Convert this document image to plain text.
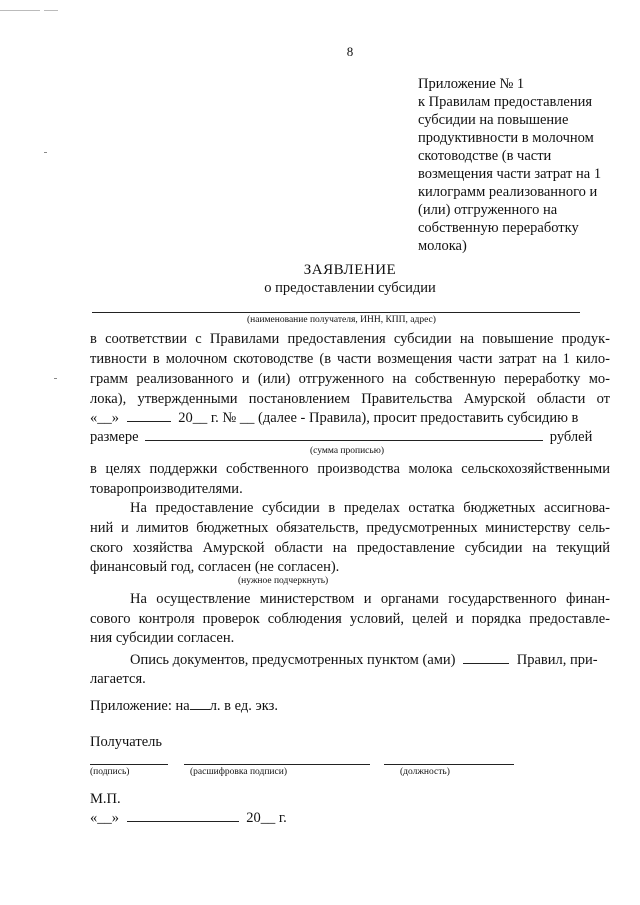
8
Приложение № 1
к Правилам предоставления
субсидии на повышение
продуктивности в молочном
скотоводстве (в части
возмещения части затрат на 1
килограмм реализованного и
(или) отгруженного на
собственную переработку
молока)
ЗАЯВЛЕНИЕ
о предоставлении субсидии
(наименование получателя, ИНН, КПП, адрес)
в соответствии с Правилами предоставления субсидии на повышение продук-
тивности в молочном скотоводстве (в части возмещения части затрат на 1 кило-
грамм реализованного и (или) отгруженного на собственную переработку мо-
лока), утвержденными постановлением Правительства Амурской области от
«__»	20__ г. № __ (далее - Правила), просит предоставить субсидию в
размере	рублей
(сумма прописью)
в целях поддержки собственного производства молока сельскохозяйственными
товаропроизводителями.
На предоставление субсидии в пределах остатка бюджетных ассигнова-
ний и лимитов бюджетных обязательств, предусмотренных министерству сель-
ского хозяйства Амурской области на предоставление субсидии на текущий
финансовый год, согласен (не согласен).
(нужное подчеркнуть)
На осуществление министерством и органами государственного финан-
сового контроля проверок соблюдения условий, целей и порядка предоставле-
ния субсидии согласен.
Опись документов, предусмотренных пунктом (ами)	Правил, при-
лагается.
Приложение: на л. в ед. экз.
Получатель
(подпись)	(расшифровка подписи)	(должность)
М.П.
«__»	20__ г.
